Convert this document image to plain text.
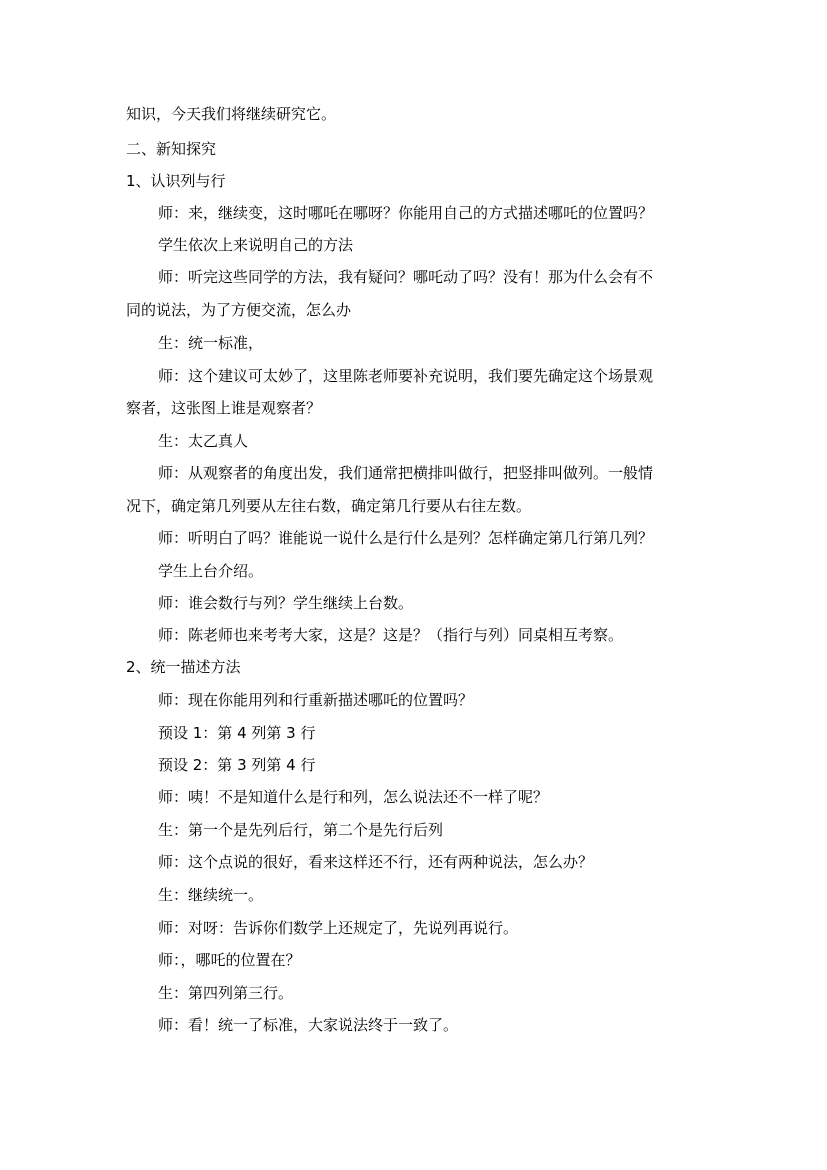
知识，今天我们将继续研究它。
二、新知探究
1、认识列与行
师：来，继续变，这时哪吒在哪呀？你能用自己的方式描述哪吒的位置吗？
学生依次上来说明自己的方法
师：听完这些同学的方法，我有疑问？哪吒动了吗？没有！那为什么会有不
同的说法，为了方便交流，怎么办
生：统一标准，
师：这个建议可太妙了，这里陈老师要补充说明，我们要先确定这个场景观
察者，这张图上谁是观察者？
生：太乙真人
师：从观察者的角度出发，我们通常把横排叫做行，把竖排叫做列。一般情
况下，确定第几列要从左往右数，确定第几行要从右往左数。
师：听明白了吗？谁能说一说什么是行什么是列？怎样确定第几行第几列？
学生上台介绍。
师：谁会数行与列？学生继续上台数。
师：陈老师也来考考大家，这是？这是？（指行与列）同桌相互考察。
2、统一描述方法
师：现在你能用列和行重新描述哪吒的位置吗？
预设 1：第 4 列第 3 行
预设 2：第 3 列第 4 行
师：咦！不是知道什么是行和列，怎么说法还不一样了呢？
生：第一个是先列后行，第二个是先行后列
师：这个点说的很好，看来这样还不行，还有两种说法，怎么办？
生：继续统一。
师：对呀：告诉你们数学上还规定了，先说列再说行。
师：，哪吒的位置在？
生：第四列第三行。
师：看！统一了标准，大家说法终于一致了。
